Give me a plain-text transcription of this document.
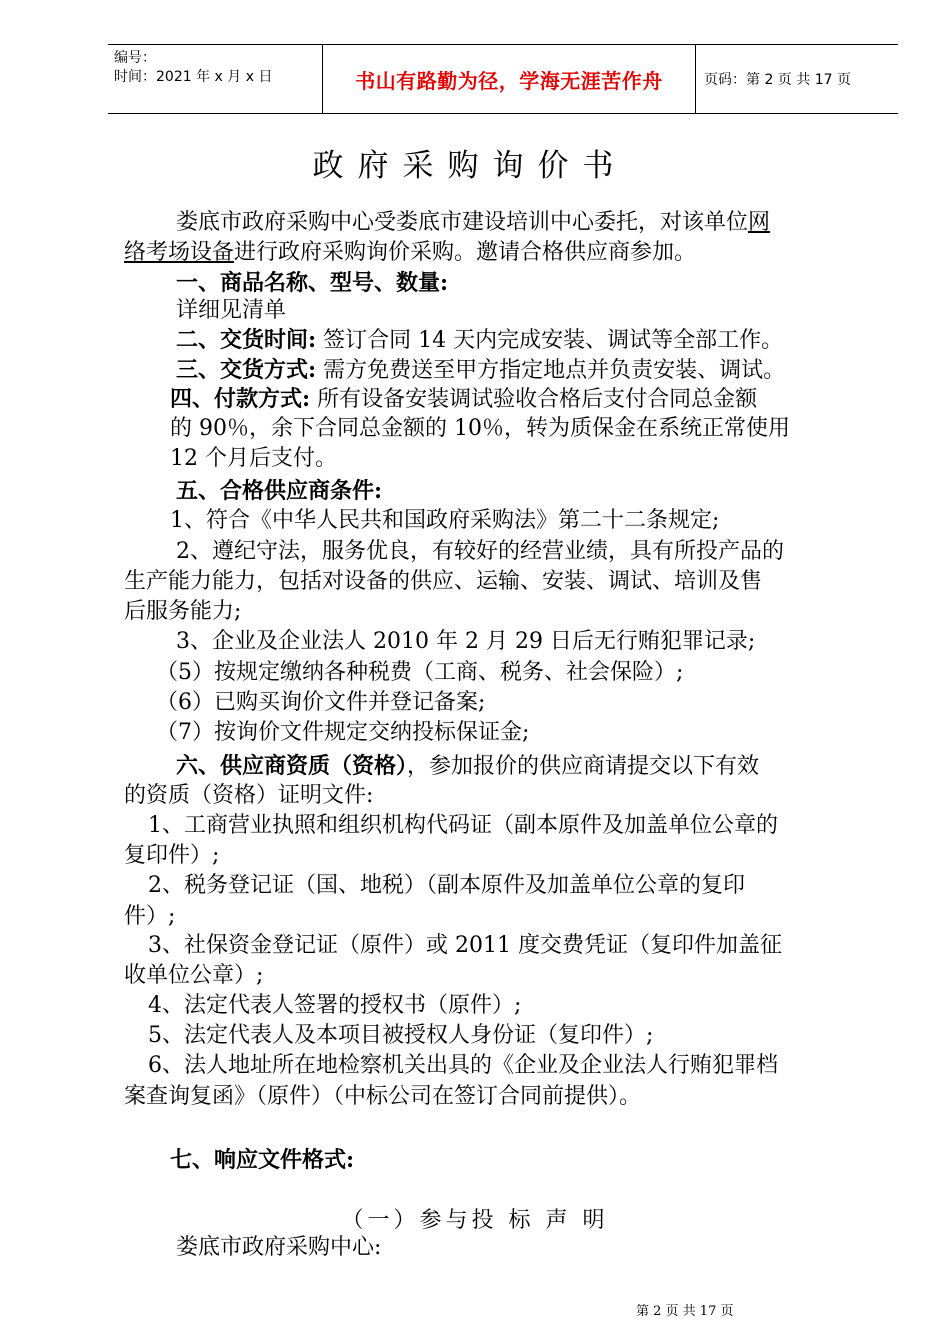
编号：
时间：2021 年 x 月 x 日	书山有路勤为径，学海无涯苦作舟	页码：第 2 页 共 17 页
政府采购询价书
娄底市政府采购中心受娄底市建设培训中心委托，对该单位网
络考场设备进行政府采购询价采购。邀请合格供应商参加。
一、商品名称、型号、数量:
详细见清单
二、交货时间: 签订合同 14 天内完成安装、调试等全部工作。
三、交货方式: 需方免费送至甲方指定地点并负责安装、调试。
四、付款方式: 所有设备安装调试验收合格后支付合同总金额
的 90％，余下合同总金额的 10％，转为质保金在系统正常使用
12 个月后支付。
五、合格供应商条件:
1、符合《中华人民共和国政府采购法》第二十二条规定;
2、遵纪守法，服务优良，有较好的经营业绩，具有所投产品的
生产能力能力，包括对设备的供应、运输、安装、调试、培训及售
后服务能力;
3、企业及企业法人 2010 年 2 月 29 日后无行贿犯罪记录;
（5）按规定缴纳各种税费（工商、税务、社会保险）;
（6）已购买询价文件并登记备案;
（7）按询价文件规定交纳投标保证金;
六、供应商资质（资格），参加报价的供应商请提交以下有效
的资质（资格）证明文件:
1、工商营业执照和组织机构代码证（副本原件及加盖单位公章的
复印件）;
2、税务登记证（国、地税）（副本原件及加盖单位公章的复印
件）;
3、社保资金登记证（原件）或 2011 度交费凭证（复印件加盖征
收单位公章）;
4、法定代表人签署的授权书（原件）;
5、法定代表人及本项目被授权人身份证（复印件）;
6、法人地址所在地检察机关出具的《企业及企业法人行贿犯罪档
案查询复函》（原件）（中标公司在签订合同前提供）。
七、响应文件格式:
（一）参与投 标 声 明
娄底市政府采购中心:
第 2 页 共 17 页
